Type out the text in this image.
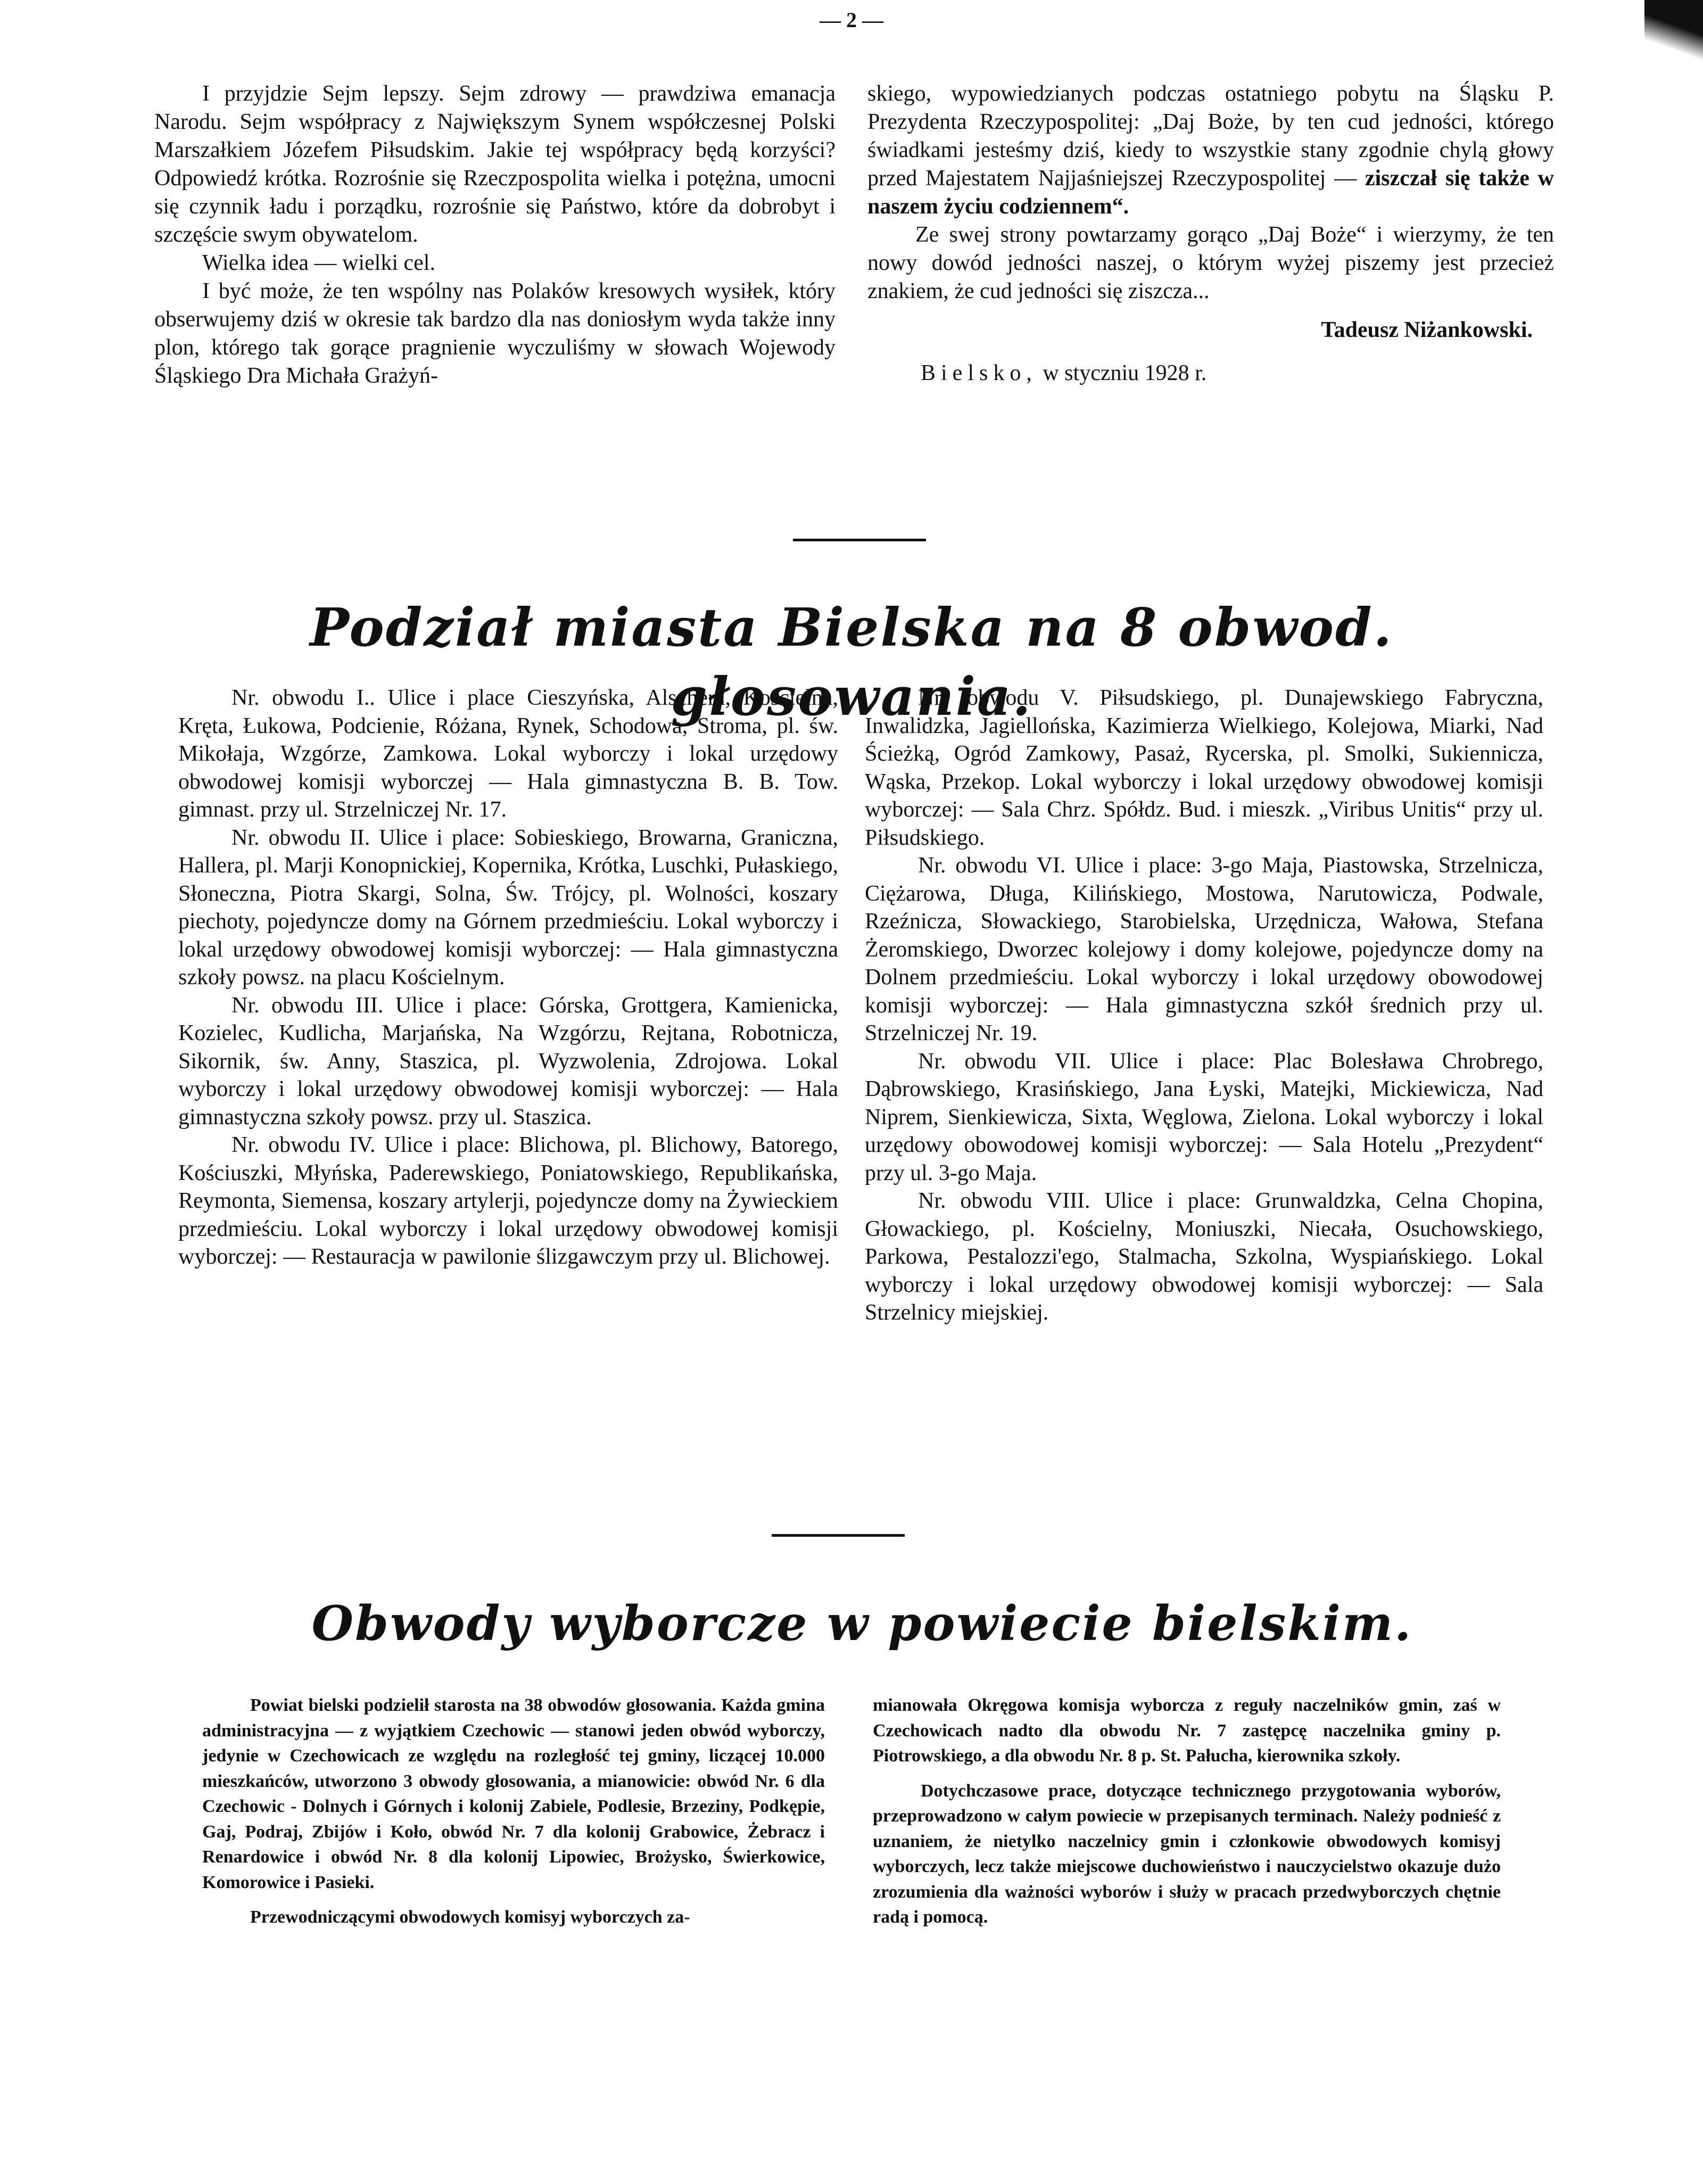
— 2 —

I przyjdzie Sejm lepszy. Sejm zdrowy — prawdziwa emanacja Narodu. Sejm współpracy z Największym Synem współczesnej Polski Marszałkiem Józefem Piłsudskim. Jakie tej współpracy będą korzyści? Odpowiedź krótka. Rozrośnie się Rzeczpospolita wielka i potężna, umocni się czynnik ładu i porządku, rozrośnie się Państwo, które da dobrobyt i szczęście swym obywatelom.

Wielka idea — wielki cel.

I być może, że ten wspólny nas Polaków kresowych wysiłek, który obserwujemy dziś w okresie tak bardzo dla nas doniosłym wyda także inny plon, którego tak gorące pragnienie wyczuliśmy w słowach Wojewody Śląskiego Dra Michała Grażyń-

skiego, wypowiedzianych podczas ostatniego pobytu na Śląsku P. Prezydenta Rzeczypospolitej: „Daj Boże, by ten cud jedności, którego świadkami jesteśmy dziś, kiedy to wszystkie stany zgodnie chylą głowy przed Majestatem Najjaśniejszej Rzeczypospolitej — ziszczał się także w naszem życiu codziennem“.

Ze swej strony powtarzamy gorąco „Daj Boże“ i wierzymy, że ten nowy dowód jedności naszej, o którym wyżej piszemy jest przecież znakiem, że cud jedności się ziszcza...

Tadeusz Niżankowski.

Bielsko, w styczniu 1928 r.

Podział miasta Bielska na 8 obwod. głosowania.

Nr. obwodu I.. Ulice i place Cieszyńska, Alschera, Kościelna, Kręta, Łukowa, Podcienie, Różana, Rynek, Schodowa, Stroma, pl. św. Mikołaja, Wzgórze, Zamkowa. Lokal wyborczy i lokal urzędowy obwodowej komisji wyborczej — Hala gimnastyczna B. B. Tow. gimnast. przy ul. Strzelniczej Nr. 17.

Nr. obwodu II. Ulice i place: Sobieskiego, Browarna, Graniczna, Hallera, pl. Marji Konopnickiej, Kopernika, Krótka, Luschki, Pułaskiego, Słoneczna, Piotra Skargi, Solna, Św. Trójcy, pl. Wolności, koszary piechoty, pojedyncze domy na Górnem przedmieściu. Lokal wyborczy i lokal urzędowy obwodowej komisji wyborczej: — Hala gimnastyczna szkoły powsz. na placu Kościelnym.

Nr. obwodu III. Ulice i place: Górska, Grottgera, Kamienicka, Kozielec, Kudlicha, Marjańska, Na Wzgórzu, Rejtana, Robotnicza, Sikornik, św. Anny, Staszica, pl. Wyzwolenia, Zdrojowa. Lokal wyborczy i lokal urzędowy obwodowej komisji wyborczej: — Hala gimnastyczna szkoły powsz. przy ul. Staszica.

Nr. obwodu IV. Ulice i place: Blichowa, pl. Blichowy, Batorego, Kościuszki, Młyńska, Paderewskiego, Poniatowskiego, Republikańska, Reymonta, Siemensa, koszary artylerji, pojedyncze domy na Żywieckiem przedmieściu. Lokal wyborczy i lokal urzędowy obwodowej komisji wyborczej: — Restauracja w pawilonie ślizgawczym przy ul. Blichowej.

Nr. obwodu V. Piłsudskiego, pl. Dunajewskiego Fabryczna, Inwalidzka, Jagiellońska, Kazimierza Wielkiego, Kolejowa, Miarki, Nad Ścieżką, Ogród Zamkowy, Pasaż, Rycerska, pl. Smolki, Sukiennicza, Wąska, Przekop. Lokal wyborczy i lokal urzędowy obwodowej komisji wyborczej: — Sala Chrz. Spółdz. Bud. i mieszk. „Viribus Unitis“ przy ul. Piłsudskiego.

Nr. obwodu VI. Ulice i place: 3-go Maja, Piastowska, Strzelnicza, Ciężarowa, Długa, Kilińskiego, Mostowa, Narutowicza, Podwale, Rzeźnicza, Słowackiego, Starobielska, Urzędnicza, Wałowa, Stefana Żeromskiego, Dworzec kolejowy i domy kolejowe, pojedyncze domy na Dolnem przedmieściu. Lokal wyborczy i lokal urzędowy obowodowej komisji wyborczej: — Hala gimnastyczna szkół średnich przy ul. Strzelniczej Nr. 19.

Nr. obwodu VII. Ulice i place: Plac Bolesława Chrobrego, Dąbrowskiego, Krasińskiego, Jana Łyski, Matejki, Mickiewicza, Nad Niprem, Sienkiewicza, Sixta, Węglowa, Zielona. Lokal wyborczy i lokal urzędowy obowodowej komisji wyborczej: — Sala Hotelu „Prezydent“ przy ul. 3-go Maja.

Nr. obwodu VIII. Ulice i place: Grunwaldzka, Celna Chopina, Głowackiego, pl. Kościelny, Moniuszki, Niecała, Osuchowskiego, Parkowa, Pestalozzi'ego, Stalmacha, Szkolna, Wyspiańskiego. Lokal wyborczy i lokal urzędowy obwodowej komisji wyborczej: — Sala Strzelnicy miejskiej.

Obwody wyborcze w powiecie bielskim.

Powiat bielski podzielił starosta na 38 obwodów głosowania. Każda gmina administracyjna — z wyjątkiem Czechowic — stanowi jeden obwód wyborczy, jedynie w Czechowicach ze względu na rozległość tej gminy, liczącej 10.000 mieszkańców, utworzono 3 obwody głosowania, a mianowicie: obwód Nr. 6 dla Czechowic - Dolnych i Górnych i kolonij Zabiele, Podlesie, Brzeziny, Podkępie, Gaj, Podraj, Zbijów i Koło, obwód Nr. 7 dla kolonij Grabowice, Żebracz i Renardowice i obwód Nr. 8 dla kolonij Lipowiec, Brożysko, Świerkowice, Komorowice i Pasieki.

Przewodniczącymi obwodowych komisyj wyborczych za-

mianowała Okręgowa komisja wyborcza z reguły naczelników gmin, zaś w Czechowicach nadto dla obwodu Nr. 7 zastępcę naczelnika gminy p. Piotrowskiego, a dla obwodu Nr. 8 p. St. Pałucha, kierownika szkoły.

Dotychczasowe prace, dotyczące technicznego przygotowania wyborów, przeprowadzono w całym powiecie w przepisanych terminach. Należy podnieść z uznaniem, że nietylko naczelnicy gmin i członkowie obwodowych komisyj wyborczych, lecz także miejscowe duchowieństwo i nauczycielstwo okazuje dużo zrozumienia dla ważności wyborów i służy w pracach przedwyborczych chętnie radą i pomocą.
